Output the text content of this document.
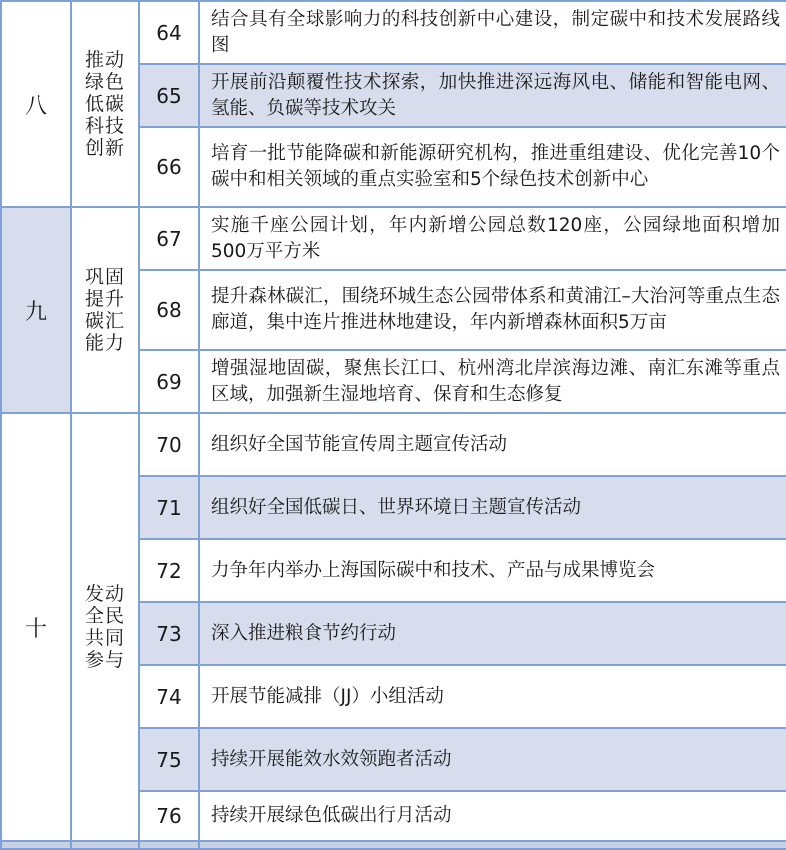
八	推动绿色低碳科技创新	64	结合具有全球影响力的科技创新中心建设，制定碳中和技术发展路线图
		65	开展前沿颠覆性技术探索，加快推进深远海风电、储能和智能电网、氢能、负碳等技术攻关
		66	培育一批节能降碳和新能源研究机构，推进重组建设、优化完善10个碳中和相关领域的重点实验室和5个绿色技术创新中心
九	巩固提升碳汇能力	67	实施千座公园计划，年内新增公园总数120座，公园绿地面积增加500万平方米
		68	提升森林碳汇，围绕环城生态公园带体系和黄浦江–大治河等重点生态廊道，集中连片推进林地建设，年内新增森林面积5万亩
		69	增强湿地固碳，聚焦长江口、杭州湾北岸滨海边滩、南汇东滩等重点区域，加强新生湿地培育、保育和生态修复
十	发动全民共同参与	70	组织好全国节能宣传周主题宣传活动
		71	组织好全国低碳日、世界环境日主题宣传活动
		72	力争年内举办上海国际碳中和技术、产品与成果博览会
		73	深入推进粮食节约行动
		74	开展节能减排（JJ）小组活动
		75	持续开展能效水效领跑者活动
		76	持续开展绿色低碳出行月活动
